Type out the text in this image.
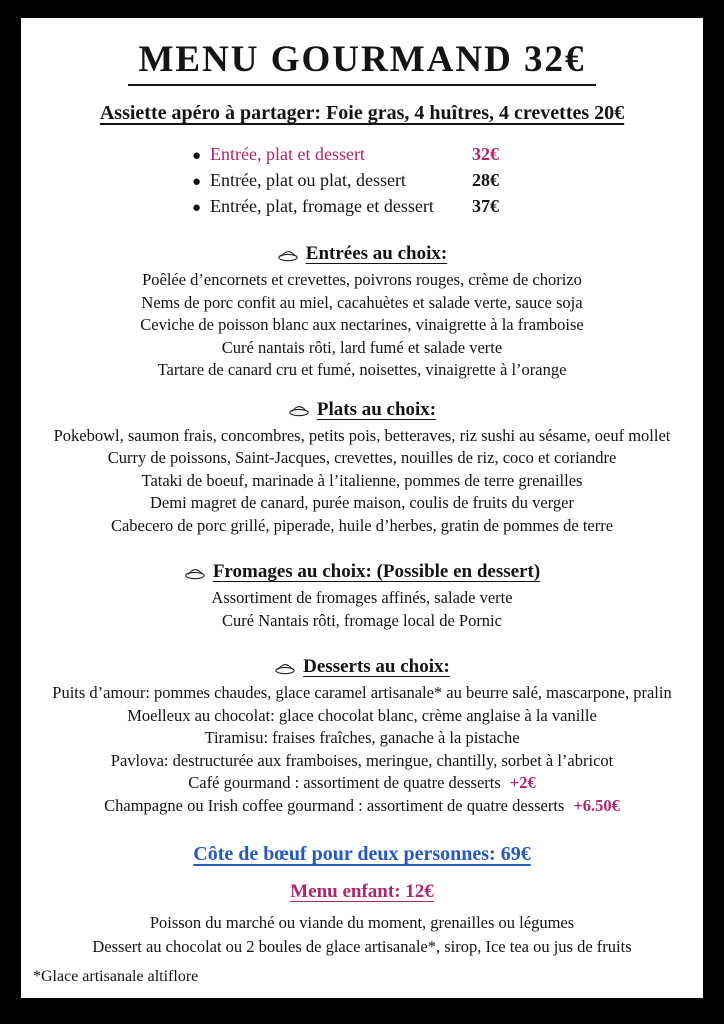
MENU GOURMAND 32€
Assiette apéro à partager: Foie gras, 4 huîtres, 4 crevettes 20€
● Entrée, plat et dessert	32€
● Entrée, plat ou plat, dessert	28€
● Entrée, plat, fromage et dessert	37€
Entrées au choix:
Poêlée d’encornets et crevettes, poivrons rouges, crème de chorizo
Nems de porc confit au miel, cacahuètes et salade verte, sauce soja
Ceviche de poisson blanc aux nectarines, vinaigrette à la framboise
Curé nantais rôti, lard fumé et salade verte
Tartare de canard cru et fumé, noisettes, vinaigrette à l’orange
Plats au choix:
Pokebowl, saumon frais, concombres, petits pois, betteraves, riz sushi au sésame, oeuf mollet
Curry de poissons, Saint-Jacques, crevettes, nouilles de riz, coco et coriandre
Tataki de boeuf, marinade à l’italienne, pommes de terre grenailles
Demi magret de canard, purée maison, coulis de fruits du verger
Cabecero de porc grillé, piperade, huile d’herbes, gratin de pommes de terre
Fromages au choix: (Possible en dessert)
Assortiment de fromages affinés, salade verte
Curé Nantais rôti, fromage local de Pornic
Desserts au choix:
Puits d’amour: pommes chaudes, glace caramel artisanale* au beurre salé, mascarpone, pralin
Moelleux au chocolat: glace chocolat blanc, crème anglaise à la vanille
Tiramisu: fraises fraîches, ganache à la pistache
Pavlova: destructurée aux framboises, meringue, chantilly, sorbet à l’abricot
Café gourmand : assortiment de quatre desserts +2€
Champagne ou Irish coffee gourmand : assortiment de quatre desserts +6.50€
Côte de bœuf pour deux personnes: 69€
Menu enfant: 12€
Poisson du marché ou viande du moment, grenailles ou légumes
Dessert au chocolat ou 2 boules de glace artisanale*, sirop, Ice tea ou jus de fruits
*Glace artisanale altiflore
